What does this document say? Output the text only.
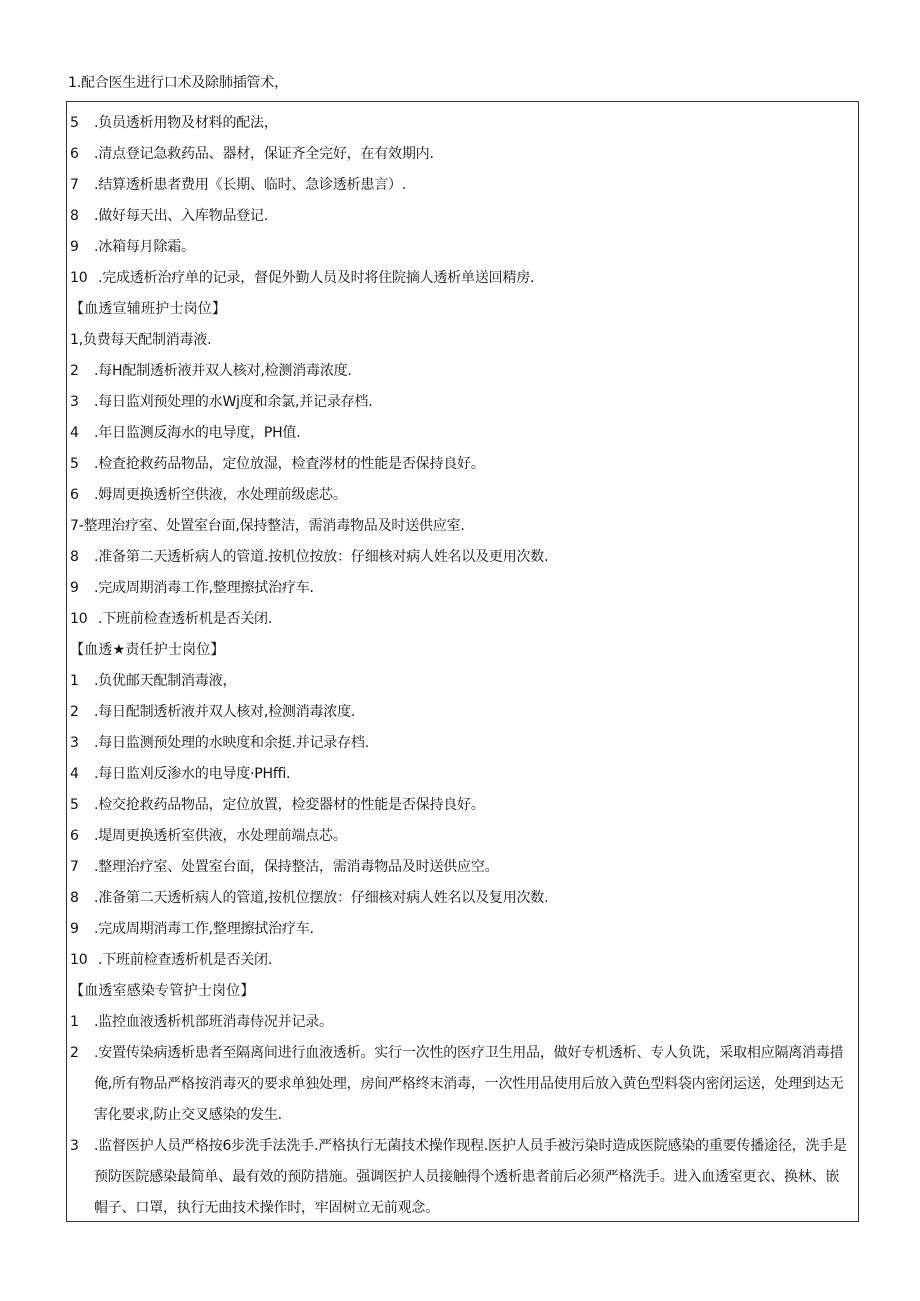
1.配合医生进行口术及除肺插管术，
5 .负员透析用物及材料的配法，
6 .清点登记急救药品、器材，保证齐全完好，在有效期内.
7 .结算透析患者费用《长期、临时、急诊透析患言）.
8 .做好每天出、入库物品登记.
9 .冰箱每月除霜。
10 .完成透析治疗单的记录，督促外勤人员及时将住院摘人透析单送回精房.
【血透宣辅班护士岗位】
1,负费每天配制消毒液.
2 .每H配制透析液并双人核对,检测消毒浓度.
3 .每日监刈预处理的水Wj度和余氯,并记录存档.
4 .年日监测反海水的电导度，PH值.
5 .检査抢救药品物品，定位放湿，检査涔材的性能是否保持良好。
6 .姆周更换透析空供液，水处理前级虑芯。
7-整理治疗室、处置室台面,保持整洁，需消毒物品及时送供应室.
8 .准备第二天透析病人的管道.按机位按放：仔细核对病人姓名以及更用次数.
9 .完成周期消毒工作,整理擦拭治疗车.
10 .下班前检查透析机是否关闭.
【血透★责任护士岗位】
1 .负优邮天配制消毒液，
2 .每日配制透析液并双人核对,检测消毒浓度.
3 .每日监测预处理的水映度和余挺.并记录存档.
4 .每日监刈反渗水的电导度·PHffi.
5 .检交抢救药品物品，定位放置，检変器材的性能是否保持良好。
6 .堤周更换透析室供液，水处理前端点芯。
7 .整理治疗室、处置室台面，保持整沽，需消毒物品及时送供应空。
8 .准备第二天透析病人的管道,按机位摆放：仔细核对病人姓名以及复用次数.
9 .完成周期消毒工作,整理擦拭治疗车.
10 .下班前检查透析机是否关闭.
【血透室感染专管护士岗位】
1 .监控血液透析机部班消毒侍况并记录。
2	.安置传染病透析患者至隔离间进行血液透析。实行一次性的医疗卫生用品，做好专机透析、专人负诜，采取相应隔离消毒措俺,所有物品严格按消毒灭的要求单独处理，房间严格终末消毒，一次性用品使用后放入黄色型料袋内密闭运送，处理到达无害化要求,防止交叉感染的发生.
3	.监督医护人员严格按6步洗手法洗手.严格执行无菌技术操作现程.医护人员手被污染时造成医院感染的重要传播途径，洗手是预防医院感染最简单、最有效的预防措施。强调医护人员接触得个透析患者前后必须严格洗手。进入血透室更衣、换林、嵌帽子、口罩，执行无曲技术操作时，牢固树立无前观念。
